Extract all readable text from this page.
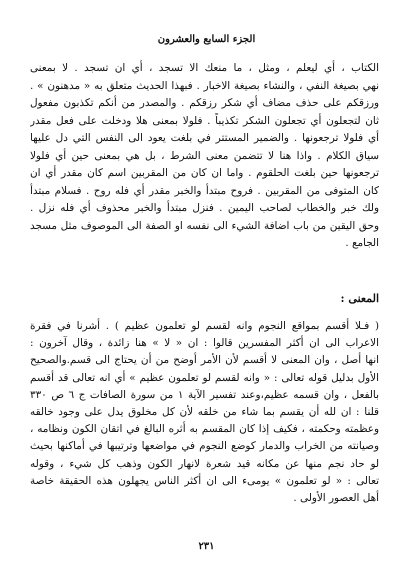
الجزء السابع والعشرون
الكتاب ، أي ليعلم ، ومثل ، ما منعك الا تسجد ، أي ان تسجد . لا بمعنى
نهي بصيغة النفي ، والنشاء بصيغة الاخبار . فبهذا الحديث متعلق به « مدهنون » .
ورزقكم على حذف مضاف أي شكر رزقكم . والمصدر من أنكم تكذبون مفعول
ثان لتجعلون أي تجعلون الشكر تكذيباً . فلولا بمعنى هلا ودخلت على فعل مقدر
أي فلولا ترجعونها . والضمير المستتر في بلغت يعود الى النفس التي دل عليها
سياق الكلام . واذا هنا لا تتضمن معنى الشرط ، بل هي بمعنى حين أي فلولا
ترجعونها حين بلغت الحلقوم . واما ان كان من المقربين اسم كان مقدر أي ان
كان المتوفى من المقربين . فروح مبتدأ والخبر مقدر أي فله روح . فسلام مبتدأ
ولك خبر والخطاب لصاحب اليمين . فنزل مبتدأ والخبر محذوف أي فله نزل .
وحق اليقين من باب اضافة الشيء الى نفسه او الصفة الى الموصوف مثل مسجد
الجامع .
المعنى :
( فـلا أقسم بمواقع النجوم وانه لقسم لو تعلمون عظيم ) . أشرنا في فقرة
الاعراب الى ان أكثر المفسرين قالوا : ان « لا » هنا زائدة ، وقال آخرون :
انها أصل ، وان المعنى لا أقسم لأن الأمر أوضح من أن يحتاج الى قسم.والصحيح
الأول بدليل قوله تعالى : « وانه لقسم لو تعلمون عظيم » أي انه تعالى قد أقسم
بالفعل ، وان قسمه عظيم،وعند تفسير الآية ١ من سورة الصافات ج ٦ ص ٣٣٠
قلنا : ان لله أن يقسم بما شاء من خلقه لأن كل مخلوق يدل على وجود خالقه
وعظمته وحكمته ، فكيف إذا كان المقسم به أثره البالغ في اتقان الكون ونظامه ،
وصيانته من الخراب والدمار كوضع النجوم في مواضعها وترتيبها في أماكنها بحيث
لو حاد نجم منها عن مكانه قيد شعرة لانهار الكون وذهب كل شيء ، وقوله
تعالى : « لو تعلمون » يومىء الى ان أكثر الناس يجهلون هذه الحقيقة خاصة
أهل العصور الأولى .
٢٣١
